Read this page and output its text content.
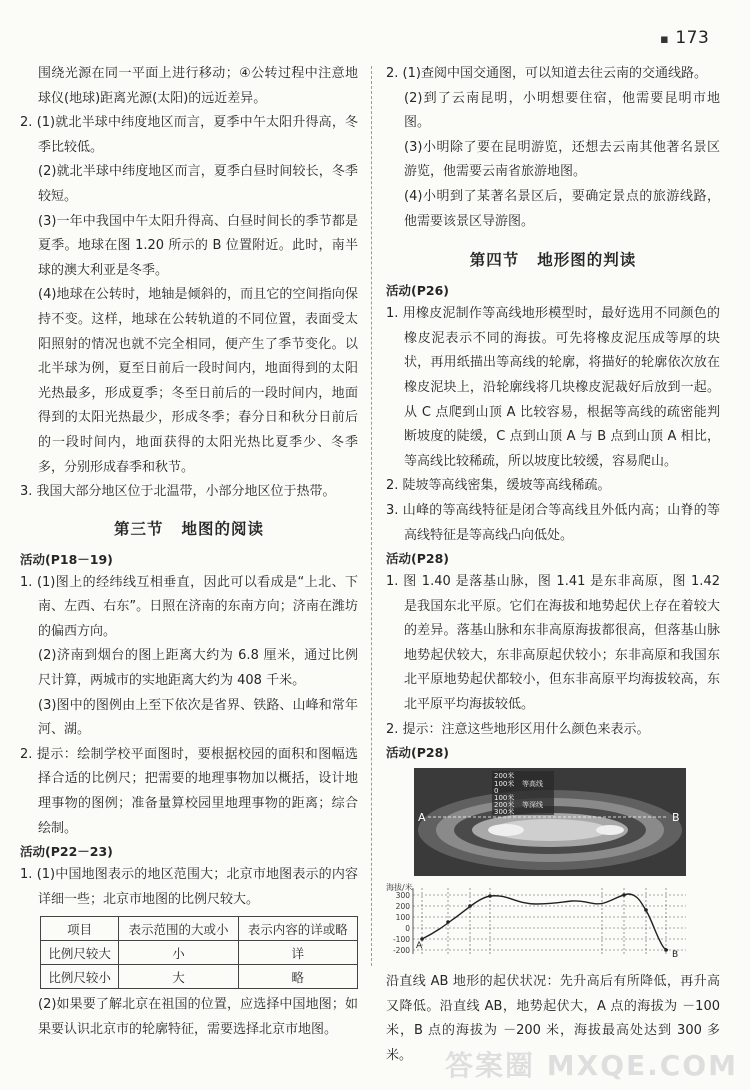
▪ 173

围绕光源在同一平面上进行移动；④公转过程中注意地球仪(地球)距离光源(太阳)的远近差异。

2. (1)就北半球中纬度地区而言，夏季中午太阳升得高，冬季比较低。

(2)就北半球中纬度地区而言，夏季白昼时间较长，冬季较短。

(3)一年中我国中午太阳升得高、白昼时间长的季节都是夏季。地球在图 1.20 所示的 B 位置附近。此时，南半球的澳大利亚是冬季。

(4)地球在公转时，地轴是倾斜的，而且它的空间指向保持不变。这样，地球在公转轨道的不同位置，表面受太阳照射的情况也就不完全相同，便产生了季节变化。以北半球为例，夏至日前后一段时间内，地面得到的太阳光热最多，形成夏季；冬至日前后的一段时间内，地面得到的太阳光热最少，形成冬季；春分日和秋分日前后的一段时间内，地面获得的太阳光热比夏季少、冬季多，分别形成春季和秋节。

3. 我国大部分地区位于北温带，小部分地区位于热带。

第三节 地图的阅读

活动(P18－19)

1. (1)图上的经纬线互相垂直，因此可以看成是“上北、下南、左西、右东”。日照在济南的东南方向；济南在潍坊的偏西方向。

(2)济南到烟台的图上距离大约为 6.8 厘米，通过比例尺计算，两城市的实地距离大约为 408 千米。

(3)图中的图例由上至下依次是省界、铁路、山峰和常年河、湖。

2. 提示：绘制学校平面图时，要根据校园的面积和图幅选择合适的比例尺；把需要的地理事物加以概括，设计地理事物的图例；准备量算校园里地理事物的距离；综合绘制。

活动(P22－23)

1. (1)中国地图表示的地区范围大；北京市地图表示的内容详细一些；北京市地图的比例尺较大。

项目	表示范围的大或小	表示内容的详或略
比例尺较大	小	详
比例尺较小	大	略

(2)如果要了解北京在祖国的位置，应选择中国地图；如果要认识北京市的轮廓特征，需要选择北京市地图。

2. (1)查阅中国交通图，可以知道去往云南的交通线路。

(2)到了云南昆明，小明想要住宿，他需要昆明市地图。

(3)小明除了要在昆明游览，还想去云南其他著名景区游览，他需要云南省旅游地图。

(4)小明到了某著名景区后，要确定景点的旅游线路，他需要该景区导游图。

第四节 地形图的判读

活动(P26)

1. 用橡皮泥制作等高线地形模型时，最好选用不同颜色的橡皮泥表示不同的海拔。可先将橡皮泥压成等厚的块状，再用纸描出等高线的轮廓，将描好的轮廓依次放在橡皮泥块上，沿轮廓线将几块橡皮泥裁好后放到一起。从 C 点爬到山顶 A 比较容易，根据等高线的疏密能判断坡度的陡缓，C 点到山顶 A 与 B 点到山顶 A 相比，等高线比较稀疏，所以坡度比较缓，容易爬山。

2. 陡坡等高线密集，缓坡等高线稀疏。

3. 山峰的等高线特征是闭合等高线且外低内高；山脊的等高线特征是等高线凸向低处。

活动(P28)

1. 图 1.40 是落基山脉，图 1.41 是东非高原，图 1.42 是我国东北平原。它们在海拔和地势起伏上存在着较大的差异。落基山脉和东非高原海拔都很高，但落基山脉地势起伏较大，东非高原起伏较小；东非高原和我国东北平原地势起伏都较小，但东非高原平均海拔较高，东北平原平均海拔较低。

2. 提示：注意这些地形区用什么颜色来表示。

活动(P28)

A	B
200米
100米
0
100米
200米
300米
等高线
等深线
海拔/米
300
200
100
0
-100
-200 A
B

沿直线 AB 地形的起伏状况：先升高后有所降低，再升高又降低。沿直线 AB，地势起伏大，A 点的海拔为 －100 米，B 点的海拔为 －200 米，海拔最高处达到 300 多米。	答案圈 MXQE.COM
